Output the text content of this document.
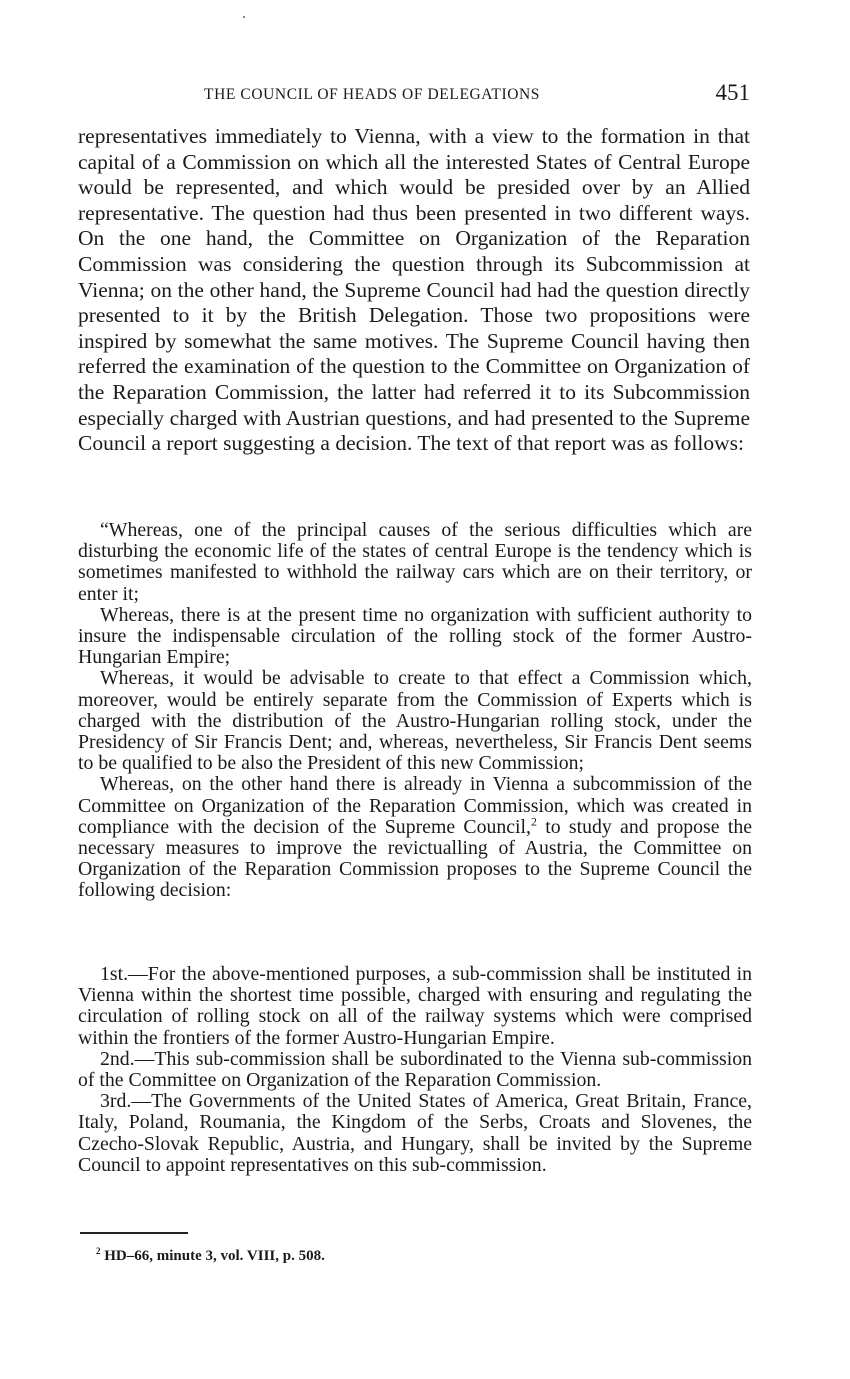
THE COUNCIL OF HEADS OF DELEGATIONS	451

representatives immediately to Vienna, with a view to the formation in that capital of a Commission on which all the interested States of Central Europe would be represented, and which would be presided over by an Allied representative. The question had thus been presented in two different ways. On the one hand, the Committee on Organization of the Reparation Commission was considering the question through its Subcommission at Vienna; on the other hand, the Supreme Council had had the question directly presented to it by the British Delegation. Those two propositions were inspired by somewhat the same motives. The Supreme Council having then referred the examination of the question to the Committee on Organization of the Reparation Commission, the latter had referred it to its Subcommission especially charged with Austrian questions, and had presented to the Supreme Council a report suggesting a decision. The text of that report was as follows:

“Whereas, one of the principal causes of the serious difficulties which are disturbing the economic life of the states of central Europe is the tendency which is sometimes manifested to withhold the railway cars which are on their territory, or enter it;

Whereas, there is at the present time no organization with sufficient authority to insure the indispensable circulation of the rolling stock of the former Austro-Hungarian Empire;

Whereas, it would be advisable to create to that effect a Commission which, moreover, would be entirely separate from the Commission of Experts which is charged with the distribution of the Austro-Hungarian rolling stock, under the Presidency of Sir Francis Dent; and, whereas, nevertheless, Sir Francis Dent seems to be qualified to be also the President of this new Commission;

Whereas, on the other hand there is already in Vienna a subcommission of the Committee on Organization of the Reparation Commission, which was created in compliance with the decision of the Supreme Council,$^2$ to study and propose the necessary measures to improve the revictualling of Austria, the Committee on Organization of the Reparation Commission proposes to the Supreme Council the following decision:

1st.—For the above-mentioned purposes, a sub-commission shall be instituted in Vienna within the shortest time possible, charged with ensuring and regulating the circulation of rolling stock on all of the railway systems which were comprised within the frontiers of the former Austro-Hungarian Empire.

2nd.—This sub-commission shall be subordinated to the Vienna sub-commission of the Committee on Organization of the Reparation Commission.

3rd.—The Governments of the United States of America, Great Britain, France, Italy, Poland, Roumania, the Kingdom of the Serbs, Croats and Slovenes, the Czecho-Slovak Republic, Austria, and Hungary, shall be invited by the Supreme Council to appoint representatives on this sub-commission.

$^2$ HD–66, minute 3, vol. VIII, p. 508.
